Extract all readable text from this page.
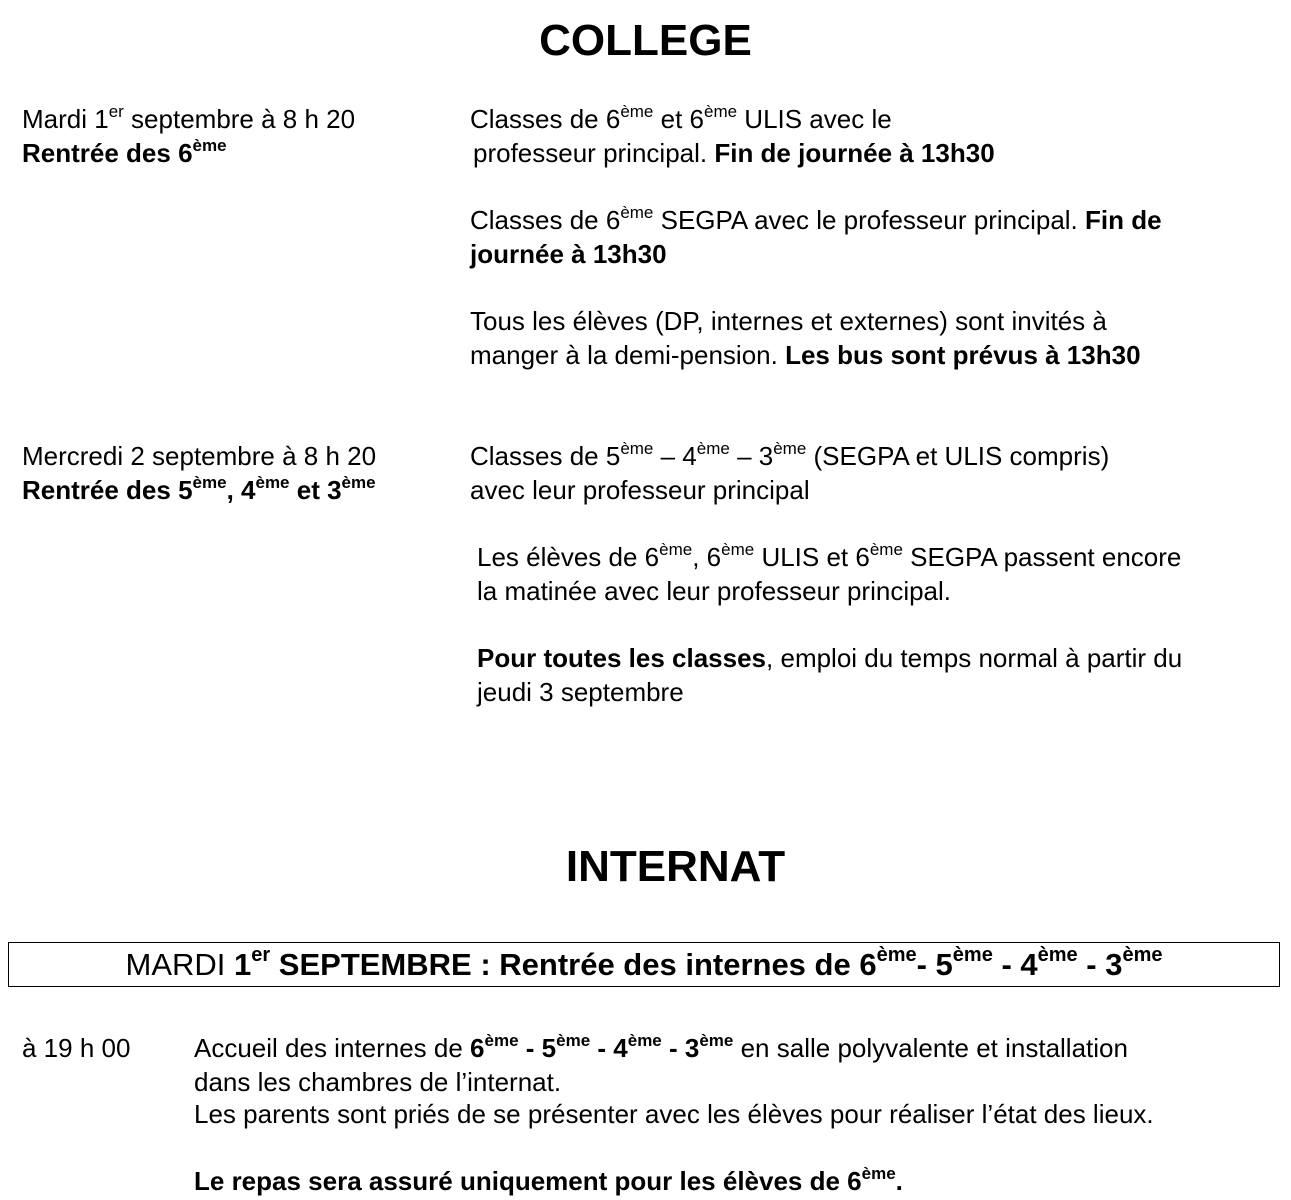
COLLEGE
Mardi 1er septembre à 8 h 20
Rentrée des 6ème
Classes de 6ème et 6ème ULIS avec le
professeur principal. Fin de journée à 13h30
Classes de 6ème SEGPA avec le professeur principal. Fin de
journée à 13h30
Tous les élèves (DP, internes et externes) sont invités à
manger à la demi-pension. Les bus sont prévus à 13h30
Mercredi 2 septembre à 8 h 20
Rentrée des 5ème, 4ème et 3ème
Classes de 5ème – 4ème – 3ème (SEGPA et ULIS compris)
avec leur professeur principal
Les élèves de 6ème, 6ème ULIS et 6ème SEGPA passent encore
la matinée avec leur professeur principal.
Pour toutes les classes, emploi du temps normal à partir du
jeudi 3 septembre
INTERNAT
MARDI 1er SEPTEMBRE : Rentrée des internes de 6ème- 5ème - 4ème - 3ème
à 19 h 00 Accueil des internes de 6ème - 5ème - 4ème - 3ème en salle polyvalente et installation
dans les chambres de l’internat.
Les parents sont priés de se présenter avec les élèves pour réaliser l’état des lieux.
Le repas sera assuré uniquement pour les élèves de 6ème.
